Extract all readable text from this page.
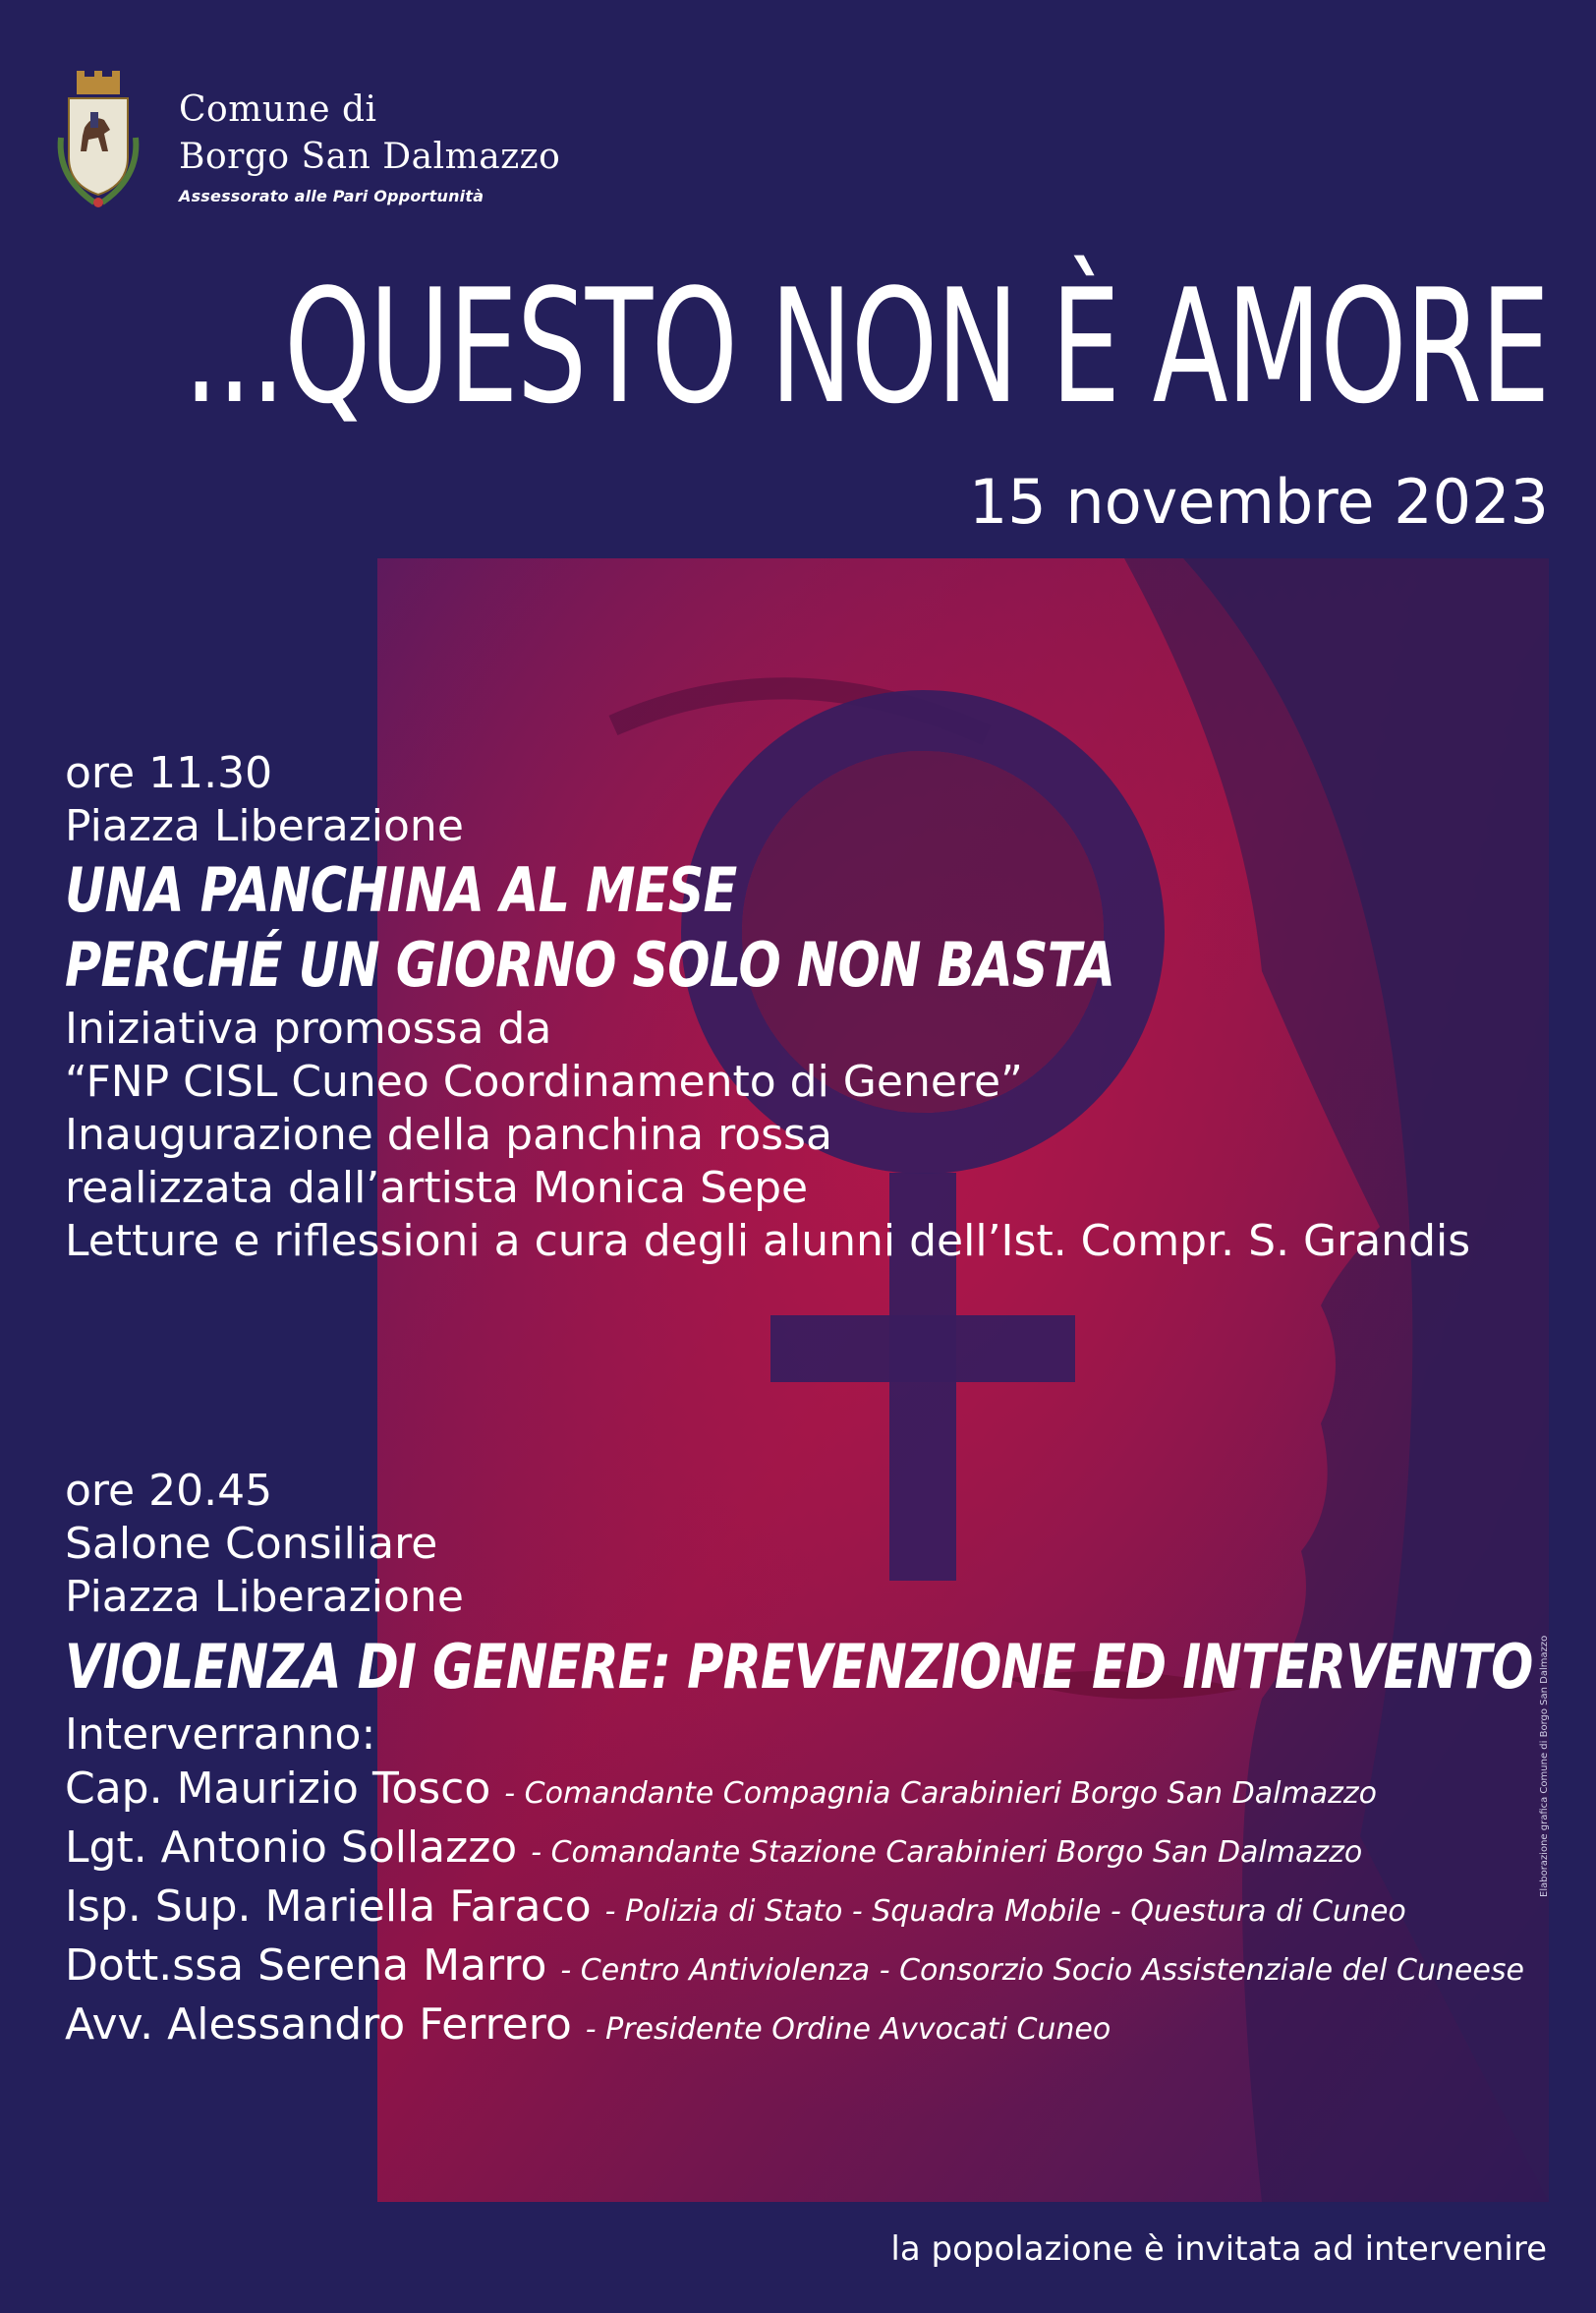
Comune di
Borgo San Dalmazzo
Assessorato alle Pari Opportunità
...QUESTO NON È AMORE
15 novembre 2023
ore 11.30
Piazza Liberazione
UNA PANCHINA AL MESE
PERCHÉ UN GIORNO SOLO NON BASTA
Iniziativa promossa da
“FNP CISL Cuneo Coordinamento di Genere”
Inaugurazione della panchina rossa
realizzata dall’artista Monica Sepe
Letture e riflessioni a cura degli alunni dell’Ist. Compr. S. Grandis
ore 20.45
Salone Consiliare
Piazza Liberazione
VIOLENZA DI GENERE: PREVENZIONE ED INTERVENTO
Interverranno:
Cap. Maurizio Tosco - Comandante Compagnia Carabinieri Borgo San Dalmazzo
Lgt. Antonio Sollazzo - Comandante Stazione Carabinieri Borgo San Dalmazzo
Isp. Sup. Mariella Faraco - Polizia di Stato - Squadra Mobile - Questura di Cuneo
Dott.ssa Serena Marro - Centro Antiviolenza - Consorzio Socio Assistenziale del Cuneese
Avv. Alessandro Ferrero - Presidente Ordine Avvocati Cuneo
la popolazione è invitata ad intervenire
Elaborazione grafica Comune di Borgo San Dalmazzo
